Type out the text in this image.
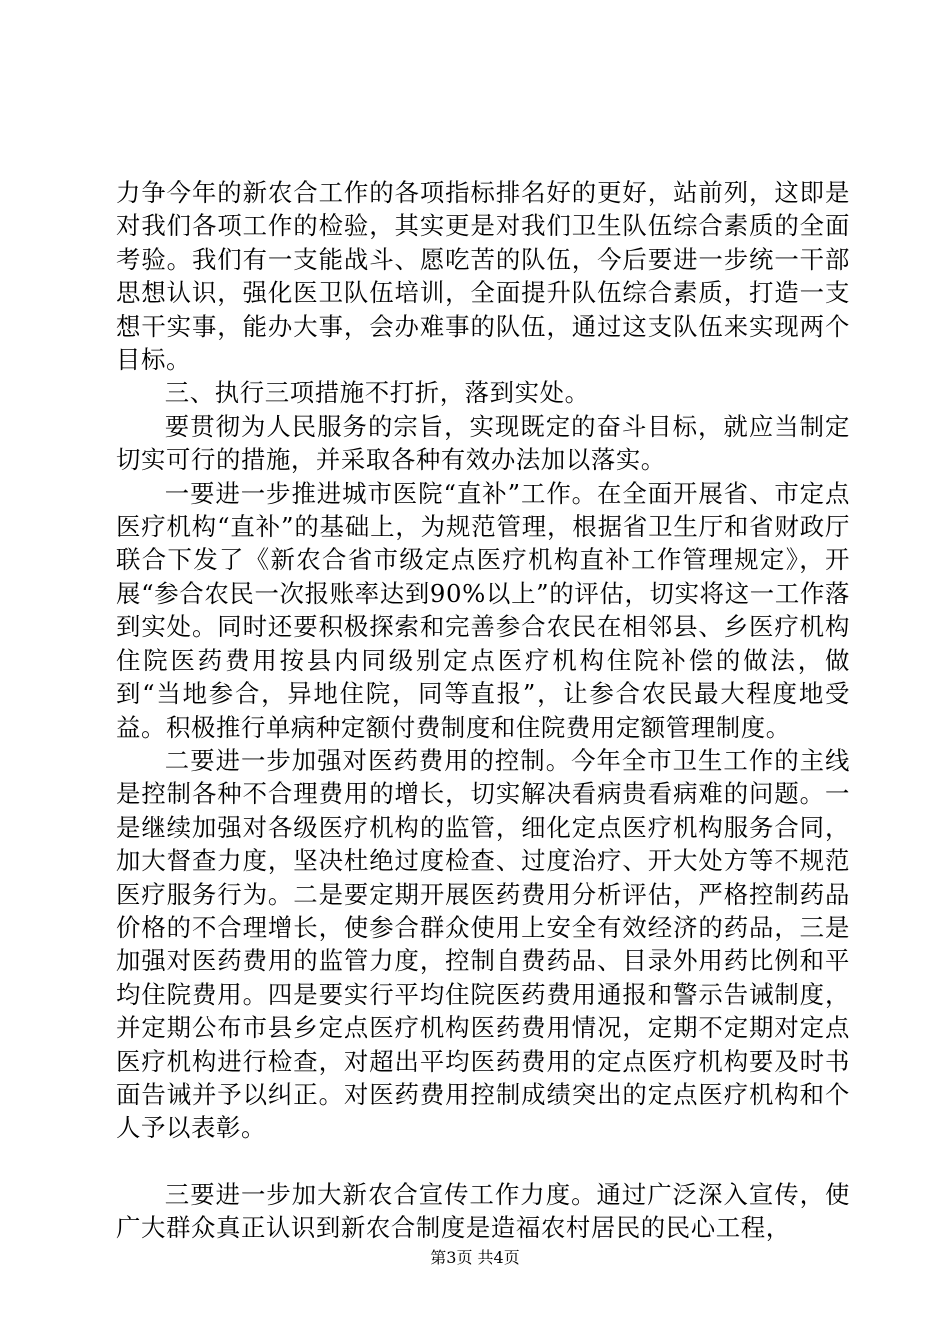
力争今年的新农合工作的各项指标排名好的更好，站前列，这即是对我们各项工作的检验，其实更是对我们卫生队伍综合素质的全面考验。我们有一支能战斗、愿吃苦的队伍，今后要进一步统一干部思想认识，强化医卫队伍培训，全面提升队伍综合素质，打造一支想干实事，能办大事，会办难事的队伍，通过这支队伍来实现两个目标。

三、执行三项措施不打折，落到实处。

要贯彻为人民服务的宗旨，实现既定的奋斗目标，就应当制定切实可行的措施，并采取各种有效办法加以落实。

一要进一步推进城市医院“直补”工作。在全面开展省、市定点医疗机构“直补”的基础上，为规范管理，根据省卫生厅和省财政厅联合下发了《新农合省市级定点医疗机构直补工作管理规定》，开展“参合农民一次报账率达到90%以上”的评估，切实将这一工作落到实处。同时还要积极探索和完善参合农民在相邻县、乡医疗机构住院医药费用按县内同级别定点医疗机构住院补偿的做法，做到“当地参合，异地住院，同等直报”，让参合农民最大程度地受益。积极推行单病种定额付费制度和住院费用定额管理制度。

二要进一步加强对医药费用的控制。今年全市卫生工作的主线是控制各种不合理费用的增长，切实解决看病贵看病难的问题。一是继续加强对各级医疗机构的监管，细化定点医疗机构服务合同，加大督查力度，坚决杜绝过度检查、过度治疗、开大处方等不规范医疗服务行为。二是要定期开展医药费用分析评估，严格控制药品价格的不合理增长，使参合群众使用上安全有效经济的药品，三是加强对医药费用的监管力度，控制自费药品、目录外用药比例和平均住院费用。四是要实行平均住院医药费用通报和警示告诫制度，并定期公布市县乡定点医疗机构医药费用情况，定期不定期对定点医疗机构进行检查，对超出平均医药费用的定点医疗机构要及时书面告诫并予以纠正。对医药费用控制成绩突出的定点医疗机构和个人予以表彰。

三要进一步加大新农合宣传工作力度。通过广泛深入宣传，使广大群众真正认识到新农合制度是造福农村居民的民心工程，

第3页 共4页
